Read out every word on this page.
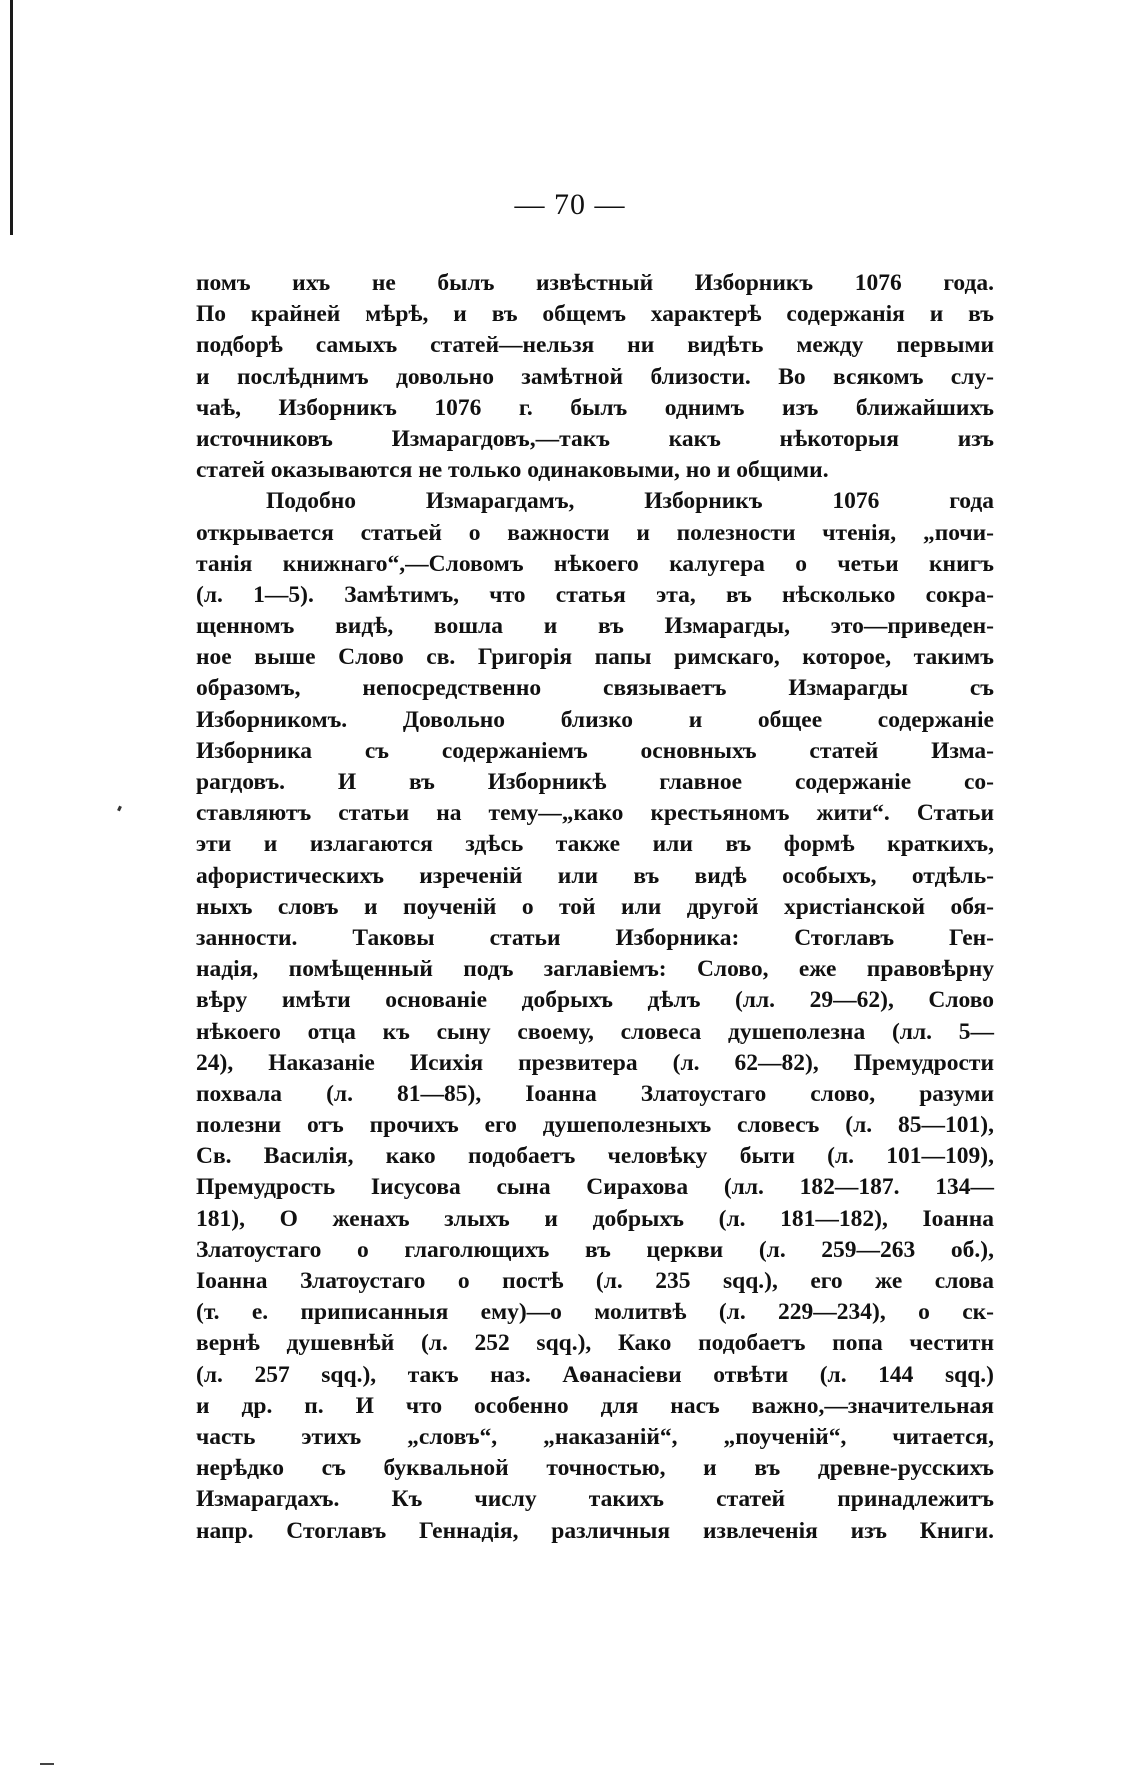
— 70 —
помъ ихъ не былъ извѣстный Изборникъ 1076 года.
По крайней мѣрѣ, и въ общемъ характерѣ содержанія и въ
подборѣ самыхъ статей—нельзя ни видѣть между первыми
и послѣднимъ довольно замѣтной близости. Во всякомъ слу-
чаѣ, Изборникъ 1076 г. былъ однимъ изъ ближайшихъ
источниковъ Измарагдовъ,—такъ какъ нѣкоторыя изъ
статей оказываются не только одинаковыми, но и общими.
Подобно Измарагдамъ, Изборникъ 1076 года
открывается статьей о важности и полезности чтенія, „почи-
танія книжнаго“,—Словомъ нѣкоего калугера о четьи книгъ
(л. 1—5). Замѣтимъ, что статья эта, въ нѣсколько сокра-
щенномъ видѣ, вошла и въ Измарагды, это—приведен-
ное выше Слово св. Григорія папы римскаго, которое, такимъ
образомъ, непосредственно связываетъ Измарагды съ
Изборникомъ. Довольно близко и общее содержаніе
Изборника съ содержаніемъ основныхъ статей Изма-
рагдовъ. И въ Изборникѣ главное содержаніе со-
ставляютъ статьи на тему—„како крестьяномъ жити“. Статьи
эти и излагаются здѣсь также или въ формѣ краткихъ,
афористическихъ изреченій или въ видѣ особыхъ, отдѣль-
ныхъ словъ и поученій о той или другой христіанской обя-
занности. Таковы статьи Изборника: Стоглавъ Ген-
надія, помѣщенный подъ заглавіемъ: Слово, еже правовѣрну
вѣру имѣти основаніе добрыхъ дѣлъ (лл. 29—62), Слово
нѣкоего отца къ сыну своему, словеса душеполезна (лл. 5—
24), Наказаніе Исихія презвитера (л. 62—82), Премудрости
похвала (л. 81—85), Іоанна Златоустаго слово, разуми
полезни отъ прочихъ его душеполезныхъ словесъ (л. 85—101),
Св. Василія, како подобаетъ человѣку быти (л. 101—109),
Премудрость Іисусова сына Сирахова (лл. 182—187. 134—
181), О женахъ злыхъ и добрыхъ (л. 181—182), Іоанна
Златоустаго о глаголющихъ въ церкви (л. 259—263 об.),
Іоанна Златоустаго о постѣ (л. 235 sqq.), его же слова
(т. е. приписанныя ему)—о молитвѣ (л. 229—234), о ск-
вернѣ душевнѣй (л. 252 sqq.), Како подобаетъ попа честитн
(л. 257 sqq.), такъ наз. Аѳанасіеви отвѣти (л. 144 sqq.)
и др. п. И что особенно для насъ важно,—значительная
часть этихъ „словъ“, „наказаній“, „поученій“, читается,
нерѣдко съ буквальной точностью, и въ древне-русскихъ
Измарагдахъ. Къ числу такихъ статей принадлежитъ
напр. Стоглавъ Геннадія, различныя извлеченія изъ Книги.
